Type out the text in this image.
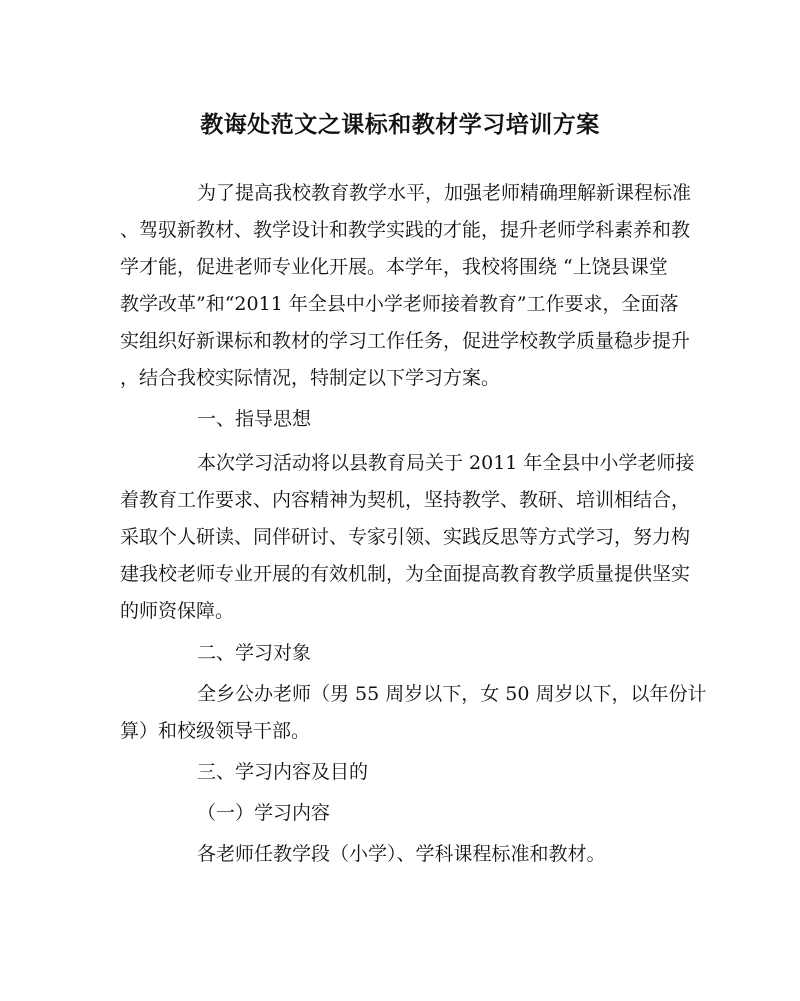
教诲处范文之课标和教材学习培训方案
为了提高我校教育教学水平，加强老师精确理解新课程标准
、驾驭新教材、教学设计和教学实践的才能，提升老师学科素养和教
学才能，促进老师专业化开展。本学年，我校将围绕 “上饶县课堂
教学改革”和“2011 年全县中小学老师接着教育”工作要求，全面落
实组织好新课标和教材的学习工作任务，促进学校教学质量稳步提升
，结合我校实际情况，特制定以下学习方案。
一、指导思想
本次学习活动将以县教育局关于 2011 年全县中小学老师接
着教育工作要求、内容精神为契机，坚持教学、教研、培训相结合，
采取个人研读、同伴研讨、专家引领、实践反思等方式学习，努力构
建我校老师专业开展的有效机制，为全面提高教育教学质量提供坚实
的师资保障。
二、学习对象
全乡公办老师（男 55 周岁以下，女 50 周岁以下，以年份计
算）和校级领导干部。
三、学习内容及目的
（一）学习内容
各老师任教学段（小学）、学科课程标准和教材。
